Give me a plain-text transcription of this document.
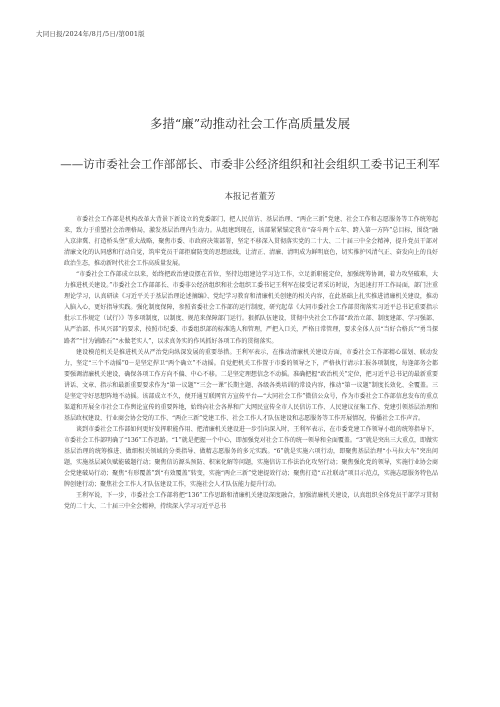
大同日报/2024年/8月/5日/第001版
多措“廉”动推动社会工作高质量发展
——访市委社会工作部部长、市委非公经济组织和社会组织工委书记王利军
本报记者董芳

市委社会工作部是机构改革大背景下新设立的党委部门，把人民信访、基层治理、“两企三新”党建、社会工作和志愿服务等工作统筹起来，致力于重塑社会治理格局，激发基层治理内生动力。从组建到现在，该部紧紧锚定我市“奋斗两个五年、跨入第一方阵”总目标，围绕“融入京津冀、打造桥头堡”重大战略，聚焦市委、市政府决策部署，坚定不移深入贯彻落实党的二十大、二十届三中全会精神，提升党员干部对清廉文化的认同感和行动自觉，筑牢党员干部拒腐防变的思想底线，让清正、清廉、清明成为鲜明底色，切实推护风清气正、奋发向上的良好政治生态，推动新时代社会工作高质量发展。

“市委社会工作部成立以来，始终把政治建设摆在首位，坚持边组建边学习边工作，立足新职能定位，加强统筹协调，着力攻坚破难，大力推进机关建设。”市委社会工作部部长、市委非公经济组织和社会组织工委书记王利军在接受记者采访时说，为迅速打开工作局面，部门注重理论学习，认真研读《习近平关于基层治理论述摘编》、党纪学习教育和清廉机关创建的相关内容，在此基础上扎实推进清廉机关建设，推动入脑入心，更好指导实践。强化制度保障，参照省委社会工作部的运行制度，研究起草《大同市委社会工作部贯彻落实习近平总书记重要指示批示工作规定（试行）》等多项制度，以制度、规范来保障部门运行。狠抓队伍建设，贯彻中央社会工作部“政治立部、制度建部、学习强部、从严治部、作风兴部”的要求，按照市纪委、市委组织部的标准选人和管理，严把入口关，严格日常管理，要求全体人员“当好合格兵”“勇当探路者”“甘为铺路石”“永做老实人”，以求真务实的作风抓好各项工作的贯彻落实。

建设模范机关是推进机关从严治党向纵深发展的重要举措。王利军表示，在推动清廉机关建设方面，市委社会工作部精心谋划、联动发力，坚定“三个不动摇”0－是坚定捍卫“两个确立”不动摇。自觉把机关工作置于市委的领导之下，严格执行请示汇报各项制度，每逢部务会都要强调清廉机关建设，确保各项工作方向不偏、中心不移。二是坚定理想信念不动摇。准确把握“政治机关”定位，把习近平总书记的最新重要讲话、文章、指示和最新重要要求作为“第一议题”“三会一课”长期主题、各级各类培训的常设内容，推动“第一议题”制度长效化、全覆盖。三是坚定守好思想阵地不动摇。该部成立不久，便开通互联网官方宣传平台—“大同社会工作”微信公众号，作为市委社会工作部信息发布的重点渠道和开展全市社会工作舆论宣传的重要阵地，始终向社会各界和广大网民宣传全市人民信访工作、人民建议征集工作、党建引领基层治理和基层政权建设、行业商会协会党的工作、“两企三新”党建工作、社会工作人才队伍建设和志愿服务等工作开展情况，传播社会工作声音。

谈到市委社会工作部如何更好发挥职能作用、把清廉机关建设进一步引向深入时，王利军表示，在市委党建工作领导小组的统筹指导下，市委社会工作部明确了“136”工作思路。“1”就是把握一个中心，即加强党对社会工作的统一领导和全面覆盖。“3”就是突出三大重点，即做实基层治理的统筹推进、做细相关领域的分类指导、做精志愿服务的多元实践。“6”就是实施六项行动，即聚焦基层治理“小马拉大车”突出问题，实施基层减负赋能破题行动；聚焦信访源头预防、积案化解等问题，实施信访工作法治化攻坚行动；聚焦强化党的领导，实施行业协会商会党建破局行动；聚焦“有形覆盖”到“有效覆盖”转变，实施“两企三新”党建提效行动；聚焦打造“五社联动”项目示范点，实施志愿服务特色品牌创建行动；聚焦社会工作人才队伍建设工作，实施社会人才队伍能力提升行动。

王利军说，下一步，市委社会工作部将把“136”工作思路和清廉机关建设深度融合，加强清廉机关建设，认真组织全体党员干部学习贯彻党的二十大、二十届三中全会精神，持续深入学习习近平总书
